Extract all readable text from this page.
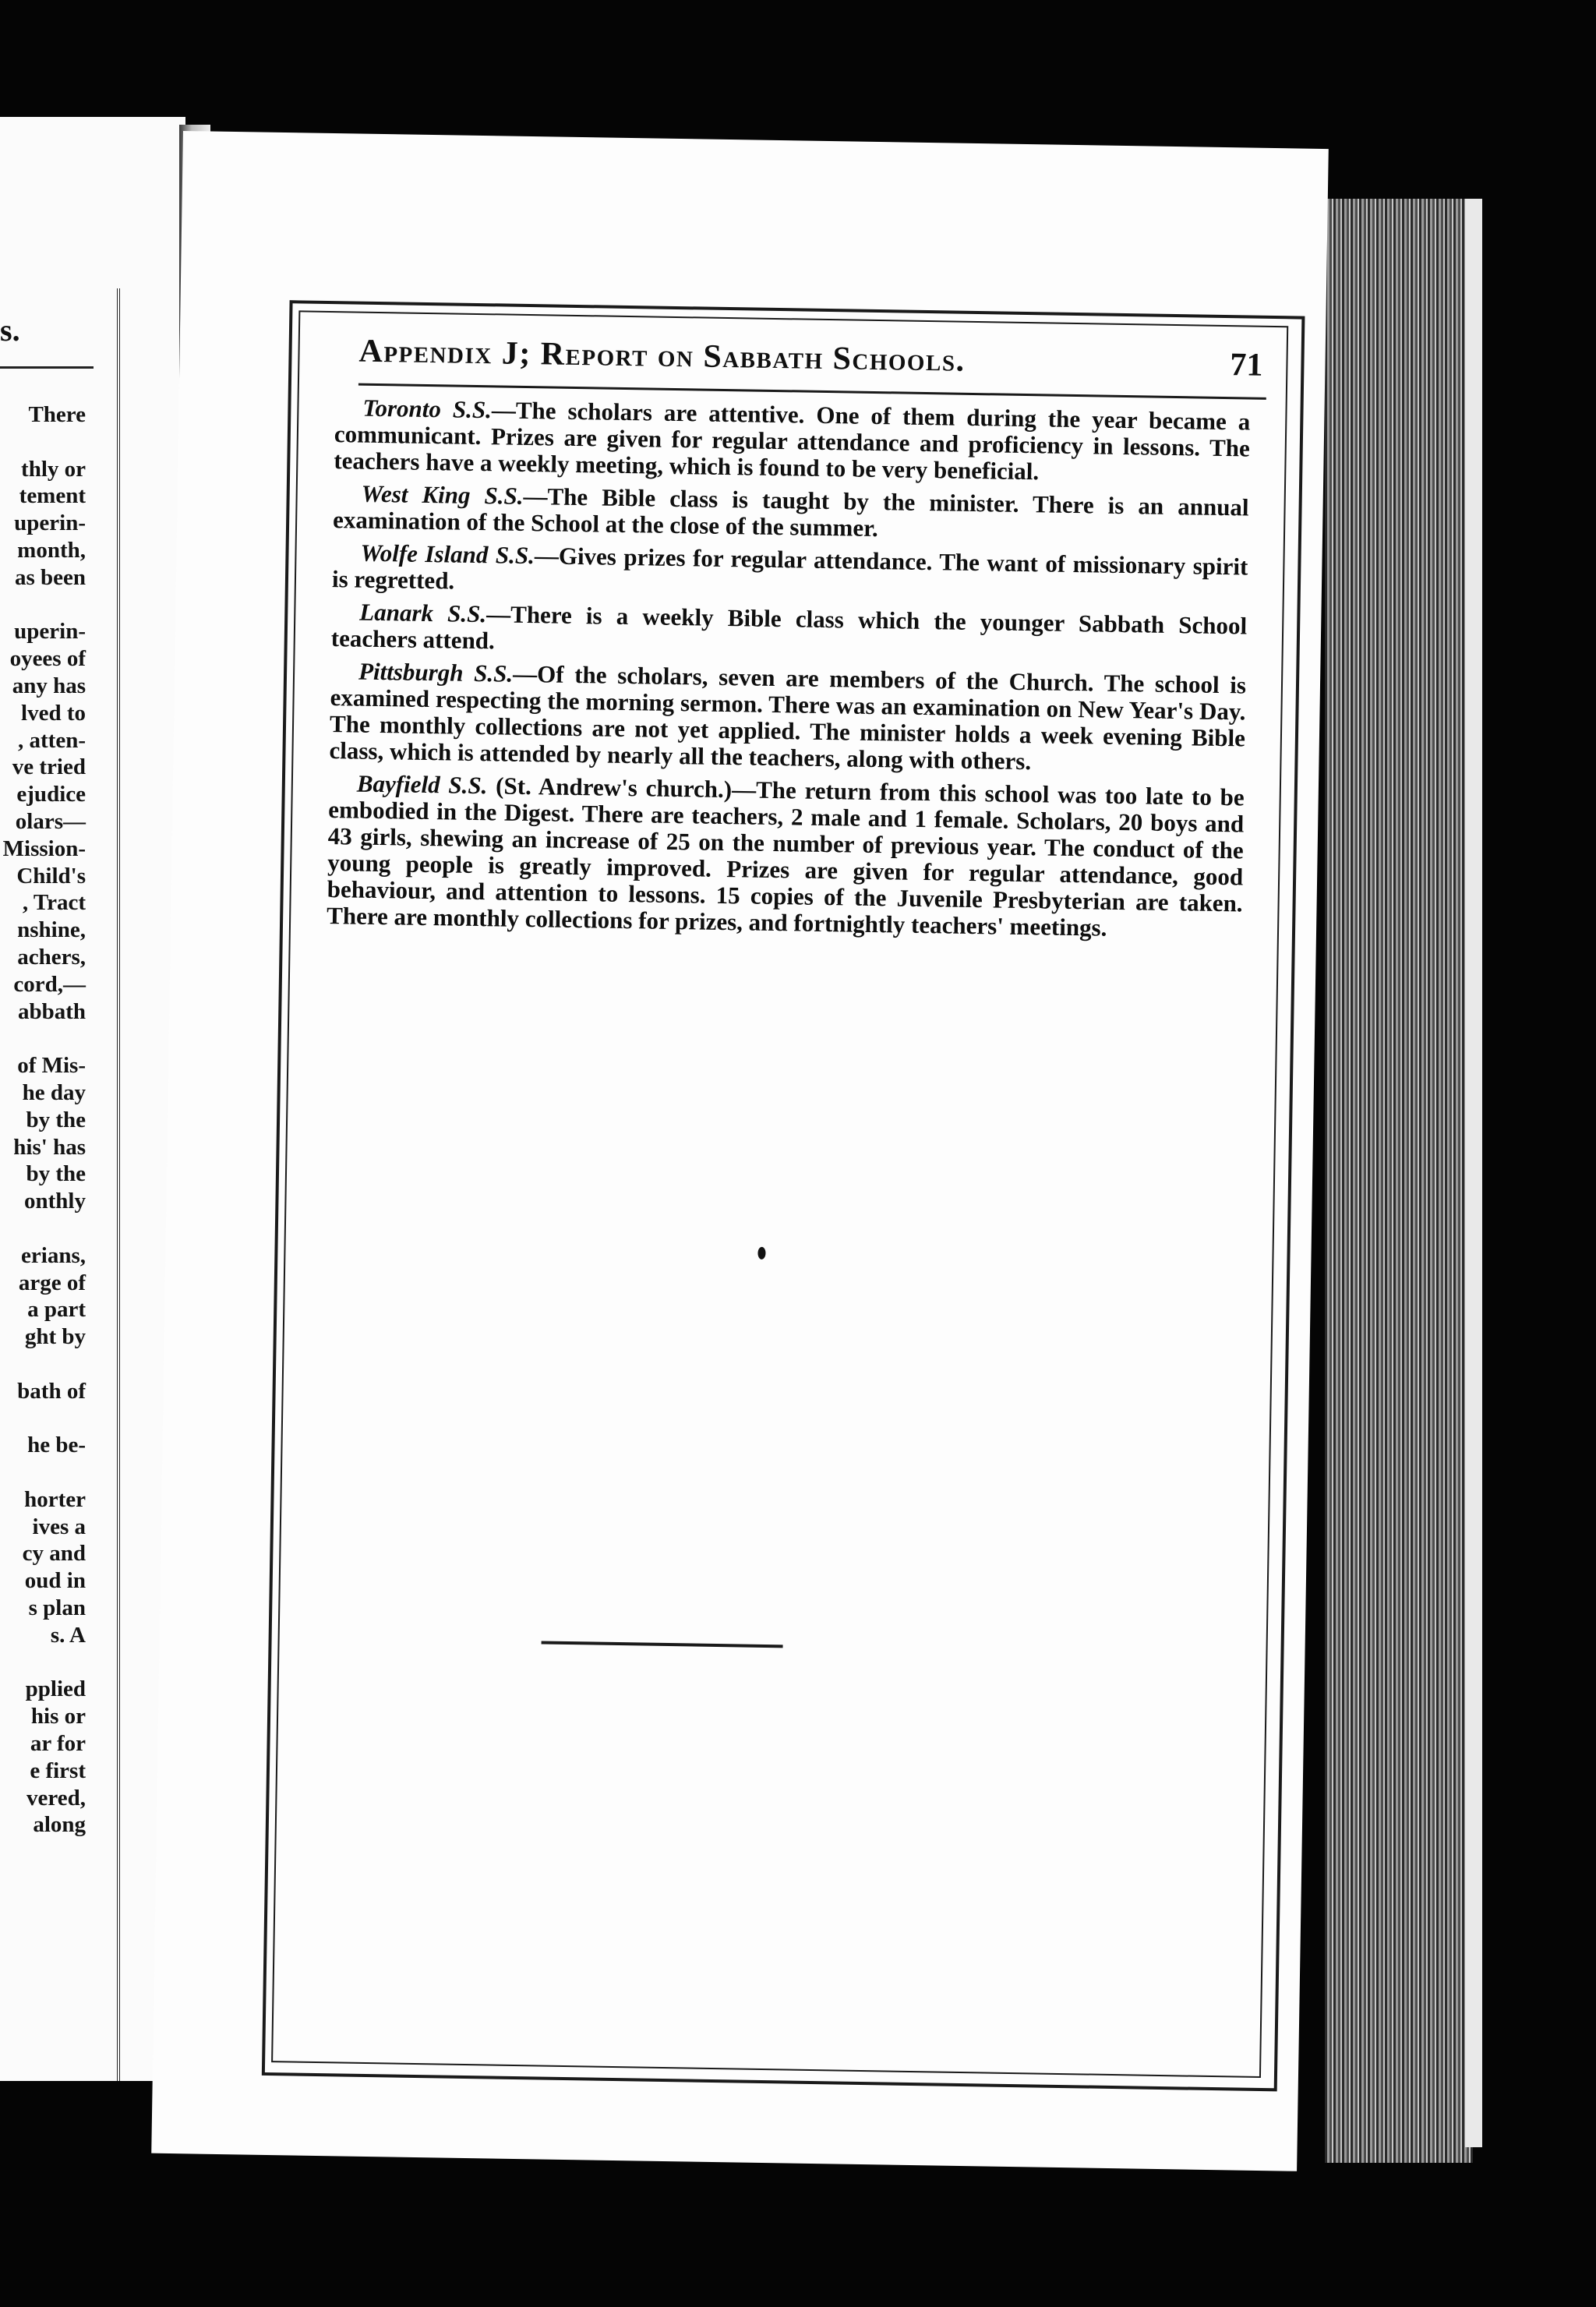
s.
There

thly or
tement
uperin-
month,
as been

uperin-
oyees of
any has
lved to
, atten-
ve tried
ejudice
olars—
Mission-
Child's
, Tract
nshine,
achers,
cord,—
abbath

of Mis-
he day
by the
his' has
by the
onthly

erians,
arge of
a part
ght by

bath of

he be-

horter
ives a
cy and
oud in
s plan
s. A

pplied
his or
ar for
e first
vered,
along
Appendix J; Report on Sabbath Schools.	71

Toronto S.S.—The scholars are attentive. One of them during the year became a communicant. Prizes are given for regular attendance and proficiency in lessons. The teachers have a weekly meeting, which is found to be very beneficial.

West King S.S.—The Bible class is taught by the minister. There is an annual examination of the School at the close of the summer.

Wolfe Island S.S.—Gives prizes for regular attendance. The want of missionary spirit is regretted.

Lanark S.S.—There is a weekly Bible class which the younger Sabbath School teachers attend.

Pittsburgh S.S.—Of the scholars, seven are members of the Church. The school is examined respecting the morning sermon. There was an examination on New Year's Day. The monthly collections are not yet applied. The minister holds a week evening Bible class, which is attended by nearly all the teachers, along with others.

Bayfield S.S. (St. Andrew's church.)—The return from this school was too late to be embodied in the Digest. There are teachers, 2 male and 1 female. Scholars, 20 boys and 43 girls, shewing an increase of 25 on the number of previous year. The conduct of the young people is greatly improved. Prizes are given for regular attendance, good behaviour, and attention to lessons. 15 copies of the Juvenile Presbyterian are taken. There are monthly collections for prizes, and fortnightly teachers' meetings.
